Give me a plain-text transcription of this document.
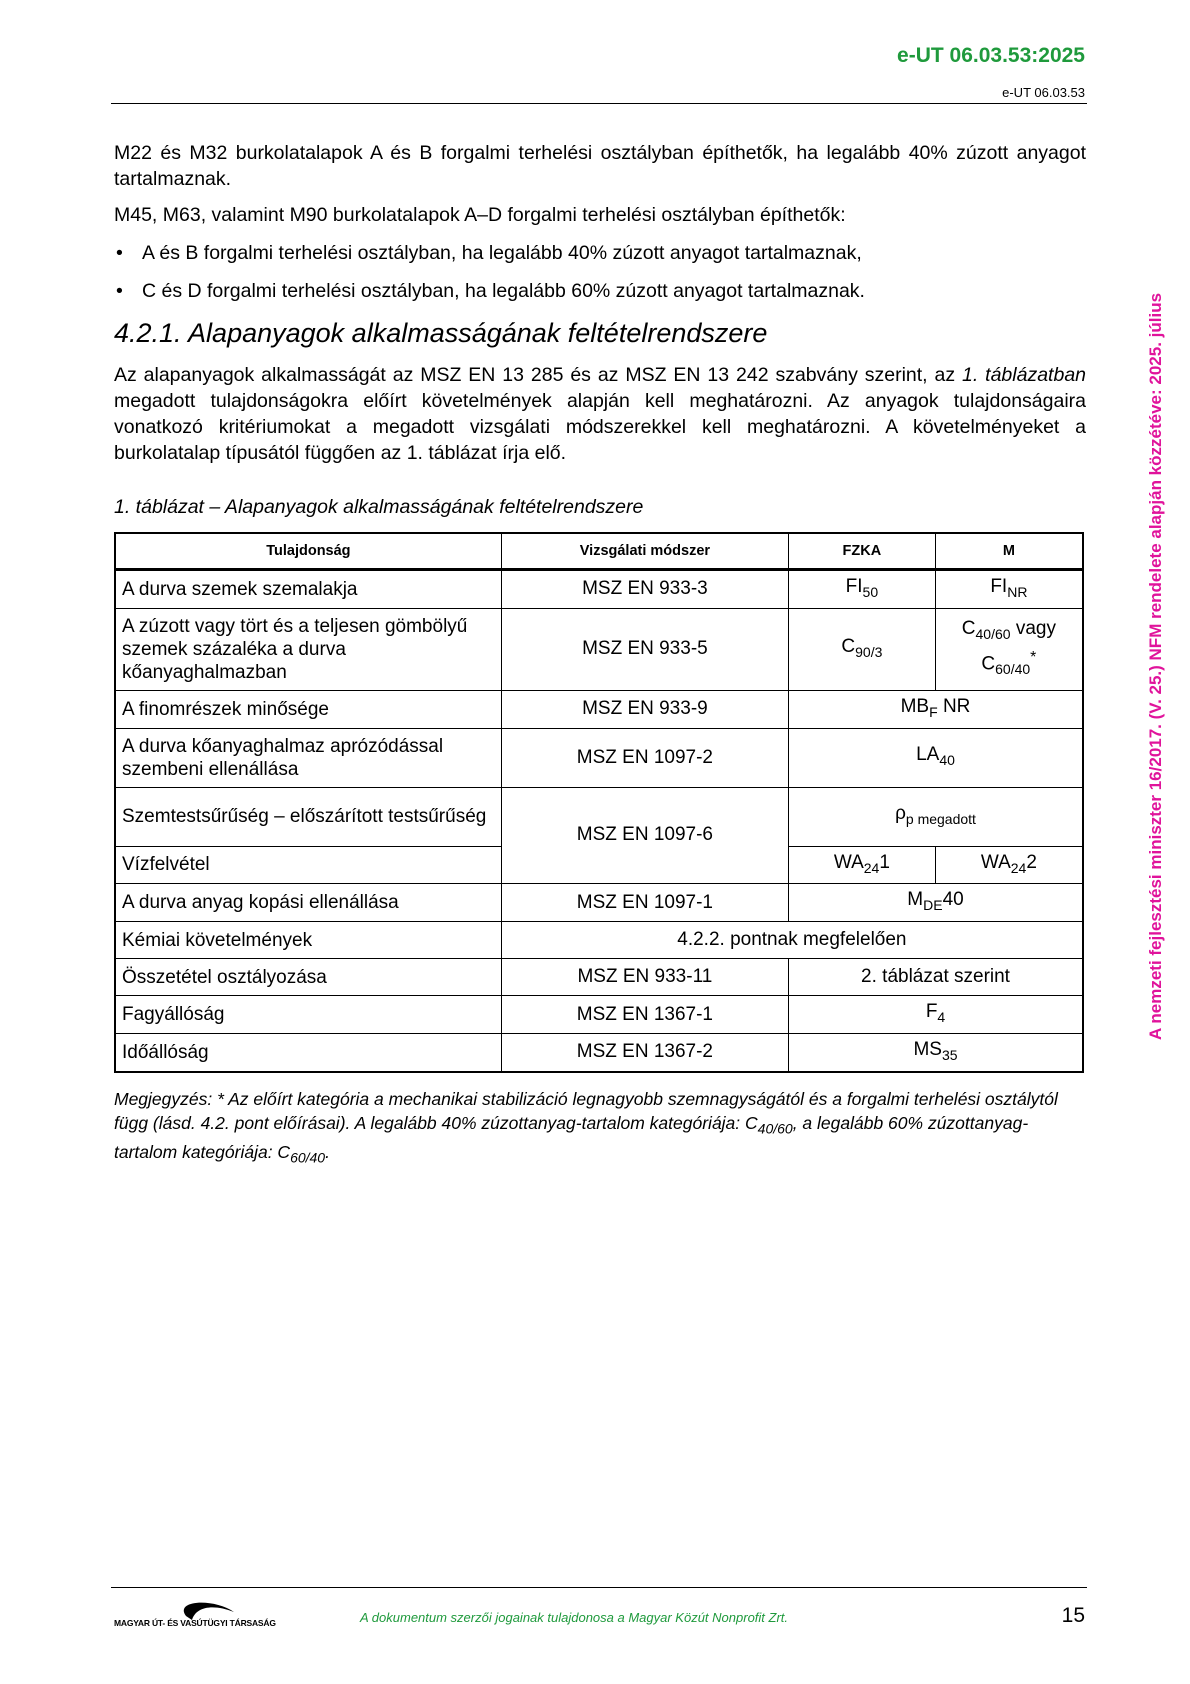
e-UT 06.03.53:2025
e-UT 06.03.53
A nemzeti fejlesztési miniszter 16/2017. (V. 25.) NFM rendelete alapján közzétéve: 2025. július

M22 és M32 burkolatalapok A és B forgalmi terhelési osztályban építhetők, ha legalább 40% zúzott anyagot tartalmaznak.

M45, M63, valamint M90 burkolatalapok A–D forgalmi terhelési osztályban építhetők:

• A és B forgalmi terhelési osztályban, ha legalább 40% zúzott anyagot tartalmaznak,
• C és D forgalmi terhelési osztályban, ha legalább 60% zúzott anyagot tartalmaznak.
4.2.1. Alapanyagok alkalmasságának feltételrendszere

Az alapanyagok alkalmasságát az MSZ EN 13 285 és az MSZ EN 13 242 szabvány szerint, az 1. táblázatban megadott tulajdonságokra előírt követelmények alapján kell meghatározni. Az anyagok tulajdonságaira vonatkozó kritériumokat a megadott vizsgálati módszerekkel kell meghatározni. A követelményeket a burkolatalap típusától függően az 1. táblázat írja elő.

1. táblázat – Alapanyagok alkalmasságának feltételrendszere
Tulajdonság	Vizsgálati módszer	FZKA	M
A durva szemek szemalakja	MSZ EN 933-3	$FI_{50}$	$FI_{NR}$
A zúzott vagy tört és a teljesen gömbölyű szemek százaléka a durva kőanyaghalmazban	MSZ EN 933-5	$C_{90/3}$	$C_{40/60}$ vagy
$C_{60/40}^*$
A finomrészek minősége	MSZ EN 933-9	$MB_F$ NR	
A durva kőanyaghalmaz aprózódással szembeni ellenállása	MSZ EN 1097-2	$LA_{40}$
Szemtestsűrűség – előszárított testsűrűség	MSZ EN 1097-6	$\rho_{p megadott}$
Vízfelvétel		$WA_{24}1$	$WA_{24}2$
A durva anyag kopási ellenállása	MSZ EN 1097-1	$M_{DE}40$	
Kémiai követelmények	4.2.2. pontnak megfelelően		
Összetétel osztályozása	MSZ EN 933-11	2. táblázat szerint	
Fagyállóság	MSZ EN 1367-1	$F_4$
Időállóság	MSZ EN 1367-2	$MS_{35}$
Megjegyzés: * Az előírt kategória a mechanikai stabilizáció legnagyobb szemnagyságától és a forgalmi terhelési osztálytól függ (lásd. 4.2. pont előírásai). A legalább 40% zúzottanyag-tartalom kategóriája: $C_{40/60}$, a legalább 60% zúzottanyag-tartalom kategóriája: $C_{60/40}$.
MAGYAR ÚT- ÉS VASÚTÜGYI TÁRSASÁG	A dokumentum szerzői jogainak tulajdonosa a Magyar Közút Nonprofit Zrt.	15
